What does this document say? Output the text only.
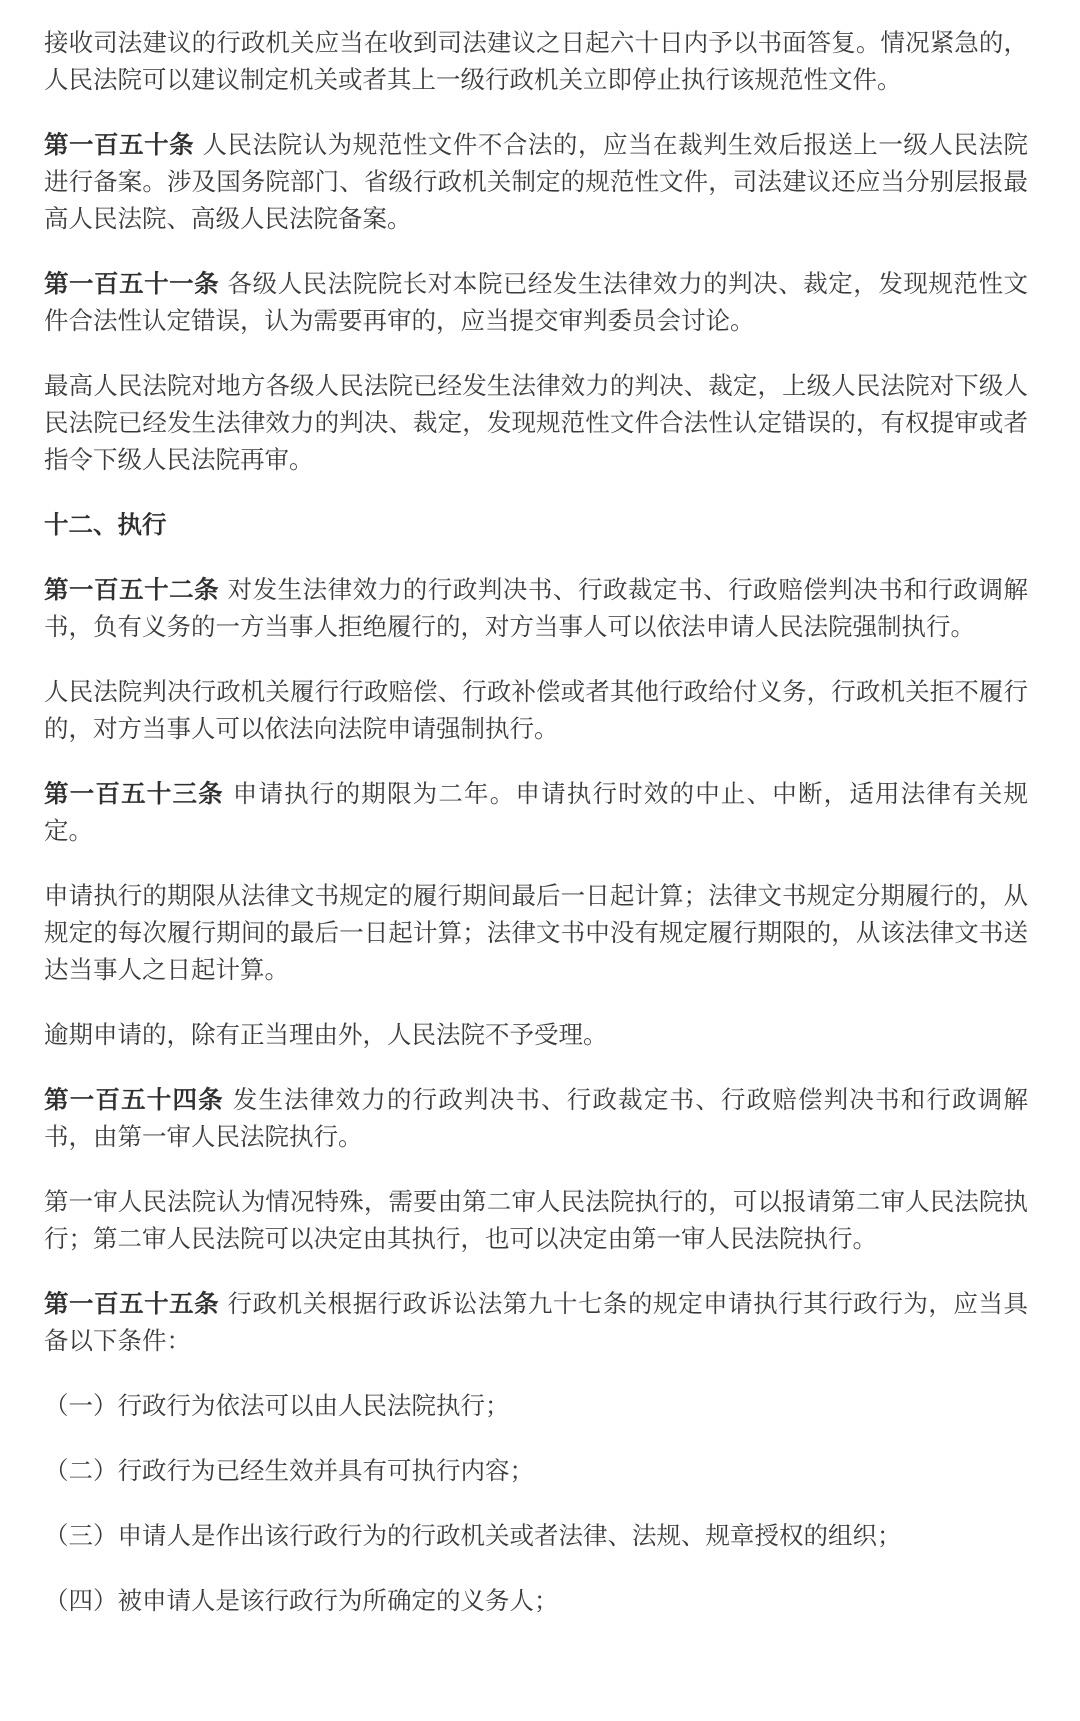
接收司法建议的行政机关应当在收到司法建议之日起六十日内予以书面答复。情况紧急的，人民法院可以建议制定机关或者其上一级行政机关立即停止执行该规范性文件。

第一百五十条 人民法院认为规范性文件不合法的，应当在裁判生效后报送上一级人民法院进行备案。涉及国务院部门、省级行政机关制定的规范性文件，司法建议还应当分别层报最高人民法院、高级人民法院备案。

第一百五十一条 各级人民法院院长对本院已经发生法律效力的判决、裁定，发现规范性文件合法性认定错误，认为需要再审的，应当提交审判委员会讨论。

最高人民法院对地方各级人民法院已经发生法律效力的判决、裁定，上级人民法院对下级人民法院已经发生法律效力的判决、裁定，发现规范性文件合法性认定错误的，有权提审或者指令下级人民法院再审。

十二、执行

第一百五十二条 对发生法律效力的行政判决书、行政裁定书、行政赔偿判决书和行政调解书，负有义务的一方当事人拒绝履行的，对方当事人可以依法申请人民法院强制执行。

人民法院判决行政机关履行行政赔偿、行政补偿或者其他行政给付义务，行政机关拒不履行的，对方当事人可以依法向法院申请强制执行。

第一百五十三条 申请执行的期限为二年。申请执行时效的中止、中断，适用法律有关规定。

申请执行的期限从法律文书规定的履行期间最后一日起计算；法律文书规定分期履行的，从规定的每次履行期间的最后一日起计算；法律文书中没有规定履行期限的，从该法律文书送达当事人之日起计算。

逾期申请的，除有正当理由外，人民法院不予受理。

第一百五十四条 发生法律效力的行政判决书、行政裁定书、行政赔偿判决书和行政调解书，由第一审人民法院执行。

第一审人民法院认为情况特殊，需要由第二审人民法院执行的，可以报请第二审人民法院执行；第二审人民法院可以决定由其执行，也可以决定由第一审人民法院执行。

第一百五十五条 行政机关根据行政诉讼法第九十七条的规定申请执行其行政行为，应当具备以下条件：

（一）行政行为依法可以由人民法院执行；

（二）行政行为已经生效并具有可执行内容；

（三）申请人是作出该行政行为的行政机关或者法律、法规、规章授权的组织；

（四）被申请人是该行政行为所确定的义务人；
